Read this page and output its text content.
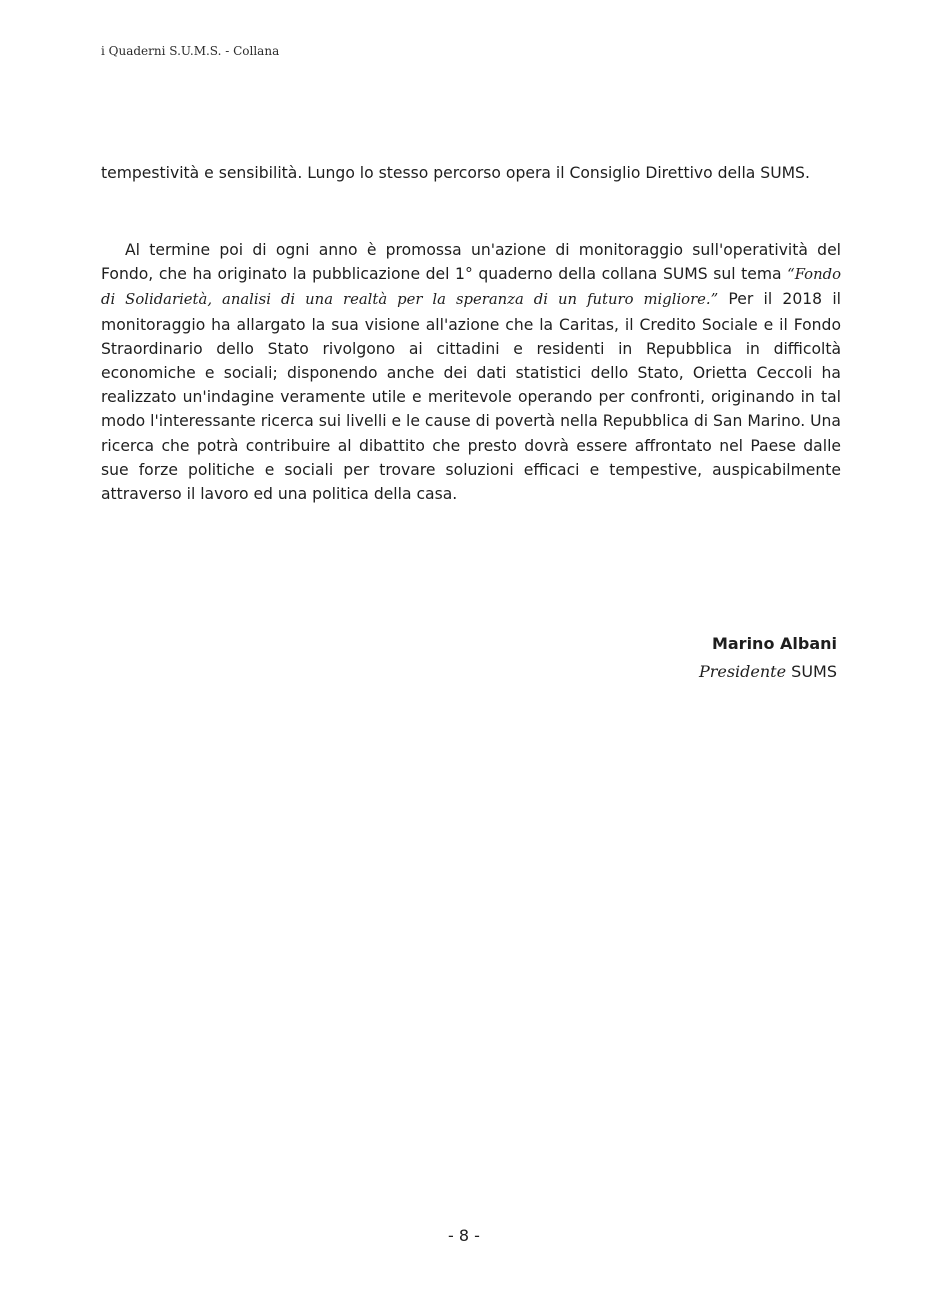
i Quaderni S.U.M.S. - Collana

tempestività e sensibilità. Lungo lo stesso percorso opera il Consiglio Direttivo della SUMS.

Al termine poi di ogni anno è promossa un'azione di monitoraggio sull'operatività del Fondo, che ha originato la pubblicazione del 1° quaderno della collana SUMS sul tema “Fondo di Solidarietà, analisi di una realtà per la speranza di un futuro migliore.” Per il 2018 il monitoraggio ha allargato la sua visione all'azione che la Caritas, il Credito Sociale e il Fondo Straordinario dello Stato rivolgono ai cittadini e residenti in Repubblica in difficoltà economiche e sociali; disponendo anche dei dati statistici dello Stato, Orietta Ceccoli ha realizzato un'indagine veramente utile e meritevole operando per confronti, originando in tal modo l'interessante ricerca sui livelli e le cause di povertà nella Repubblica di San Marino. Una ricerca che potrà contribuire al dibattito che presto dovrà essere affrontato nel Paese dalle sue forze politiche e sociali per trovare soluzioni efficaci e tempestive, auspicabilmente attraverso il lavoro ed una politica della casa.

Marino Albani
Presidente SUMS
- 8 -
